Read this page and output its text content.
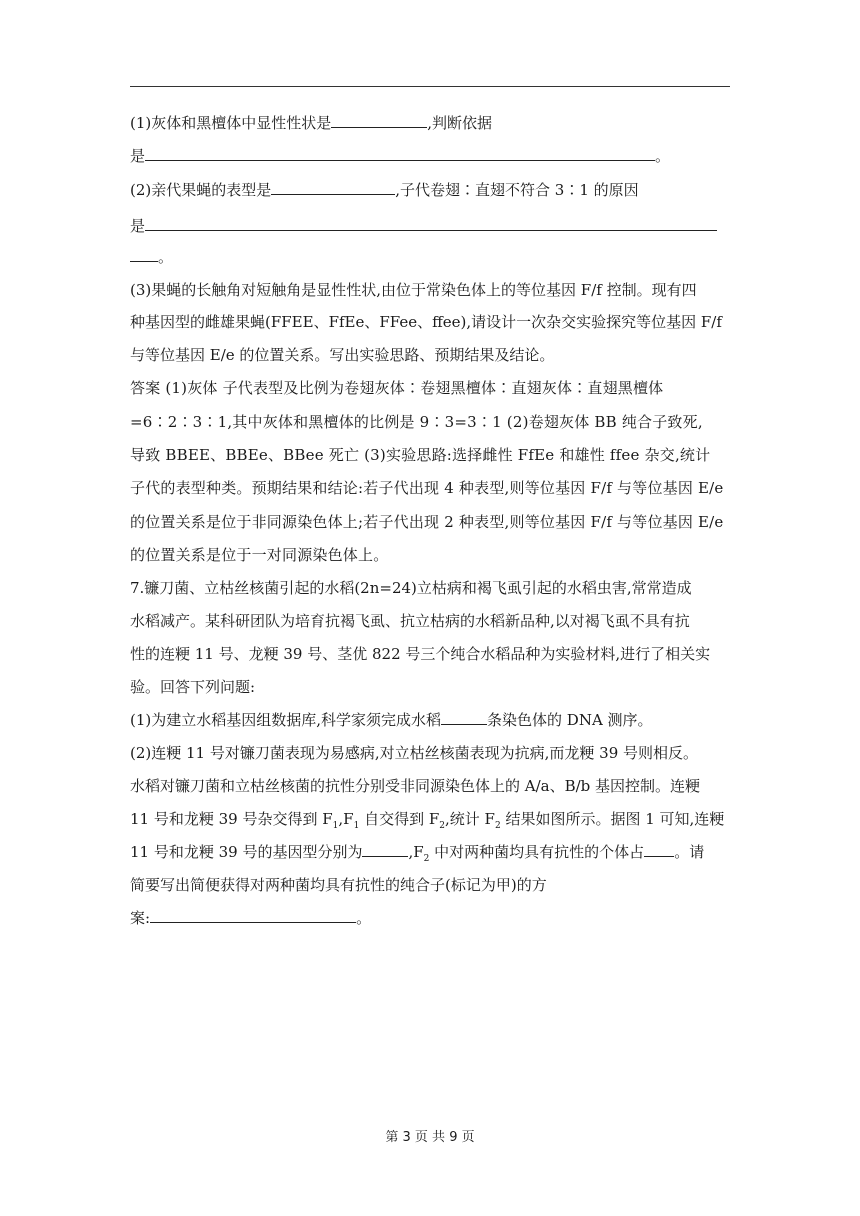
(1)灰体和黑檀体中显性性状是	,判断依据
是	。
(2)亲代果蝇的表型是	,子代卷翅∶直翅不符合 3∶1 的原因
是
。
(3)果蝇的长触角对短触角是显性性状,由位于常染色体上的等位基因 F/f 控制。现有四
种基因型的雌雄果蝇(FFEE、FfEe、FFee、ffee),请设计一次杂交实验探究等位基因 F/f
与等位基因 E/e 的位置关系。写出实验思路、预期结果及结论。
答案 (1)灰体 子代表型及比例为卷翅灰体∶卷翅黑檀体∶直翅灰体∶直翅黑檀体
=6∶2∶3∶1,其中灰体和黑檀体的比例是 9∶3=3∶1 (2)卷翅灰体 BB 纯合子致死,
导致 BBEE、BBEe、BBee 死亡 (3)实验思路:选择雌性 FfEe 和雄性 ffee 杂交,统计
子代的表型种类。预期结果和结论:若子代出现 4 种表型,则等位基因 F/f 与等位基因 E/e
的位置关系是位于非同源染色体上;若子代出现 2 种表型,则等位基因 F/f 与等位基因 E/e
的位置关系是位于一对同源染色体上。
7.镰刀菌、立枯丝核菌引起的水稻(2n=24)立枯病和褐飞虱引起的水稻虫害,常常造成
水稻减产。某科研团队为培育抗褐飞虱、抗立枯病的水稻新品种,以对褐飞虱不具有抗
性的连粳 11 号、龙粳 39 号、茎优 822 号三个纯合水稻品种为实验材料,进行了相关实
验。回答下列问题:
(1)为建立水稻基因组数据库,科学家须完成水稻	条染色体的 DNA 测序。
(2)连粳 11 号对镰刀菌表现为易感病,对立枯丝核菌表现为抗病,而龙粳 39 号则相反。
水稻对镰刀菌和立枯丝核菌的抗性分别受非同源染色体上的 A/a、B/b 基因控制。连粳
11 号和龙粳 39 号杂交得到 $F_1,F_1$ 自交得到 $F_2$,统计 $F_2$ 结果如图所示。据图 1 可知,连粳
11 号和龙粳 39 号的基因型分别为	$,F_2$ 中对两种菌均具有抗性的个体占 。请
简要写出简便获得对两种菌均具有抗性的纯合子(标记为甲)的方
案:	。
第 3 页 共 9 页
